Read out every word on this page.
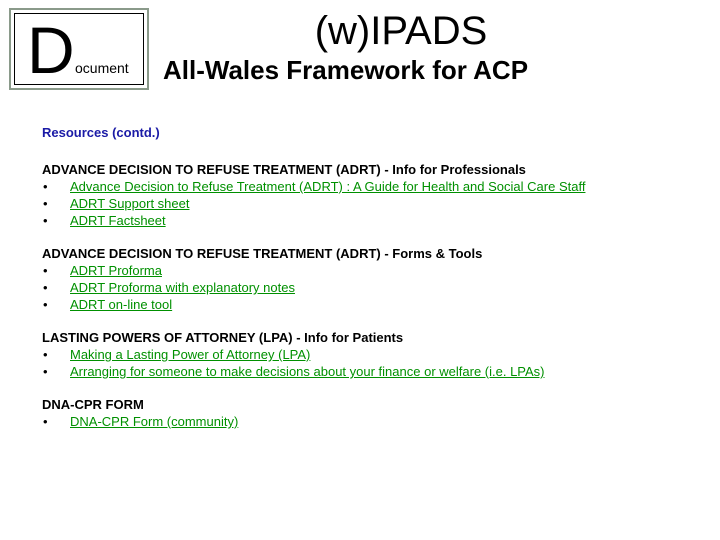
D ocument
(w)IPADS
All-Wales Framework for ACP
Resources (contd.)
ADVANCE DECISION TO REFUSE TREATMENT (ADRT) - Info for Professionals
• Advance Decision to Refuse Treatment (ADRT) : A Guide for Health and Social Care Staff
• ADRT Support sheet
• ADRT Factsheet
ADVANCE DECISION TO REFUSE TREATMENT (ADRT) - Forms & Tools
• ADRT Proforma
• ADRT Proforma with explanatory notes
• ADRT on-line tool
LASTING POWERS OF ATTORNEY (LPA) - Info for Patients
• Making a Lasting Power of Attorney (LPA)
• Arranging for someone to make decisions about your finance or welfare (i.e. LPAs)
DNA-CPR FORM
• DNA-CPR Form (community)
